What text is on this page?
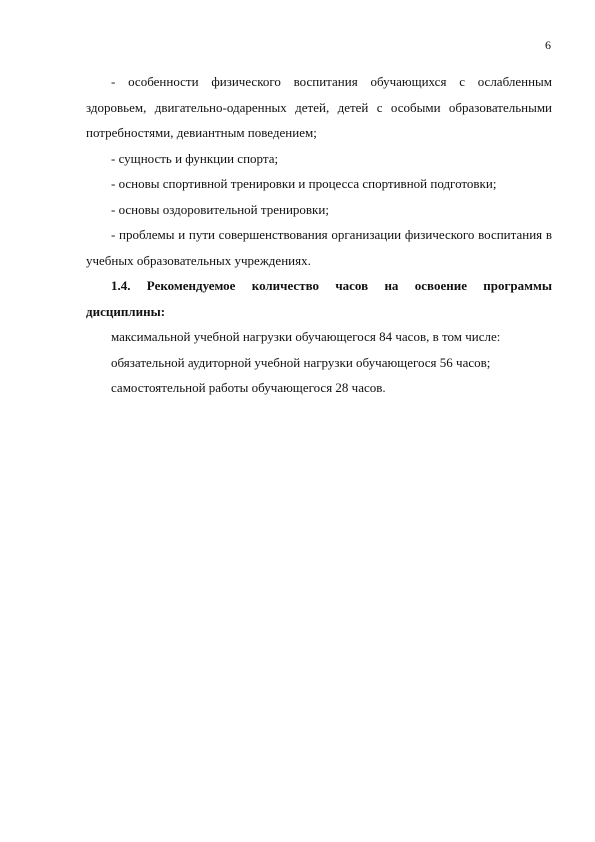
6

- особенности физического воспитания обучающихся с ослабленным здоровьем, двигательно-одаренных детей, детей с особыми образовательными потребностями, девиантным поведением;

- сущность и функции спорта;

- основы спортивной тренировки и процесса спортивной подготовки;

- основы оздоровительной тренировки;

- проблемы и пути совершенствования организации физического воспитания в учебных образовательных учреждениях.

1.4. Рекомендуемое количество часов на освоение программы дисциплины:

максимальной учебной нагрузки обучающегося 84 часов, в том числе:

обязательной аудиторной учебной нагрузки обучающегося 56 часов;

самостоятельной работы обучающегося 28 часов.
